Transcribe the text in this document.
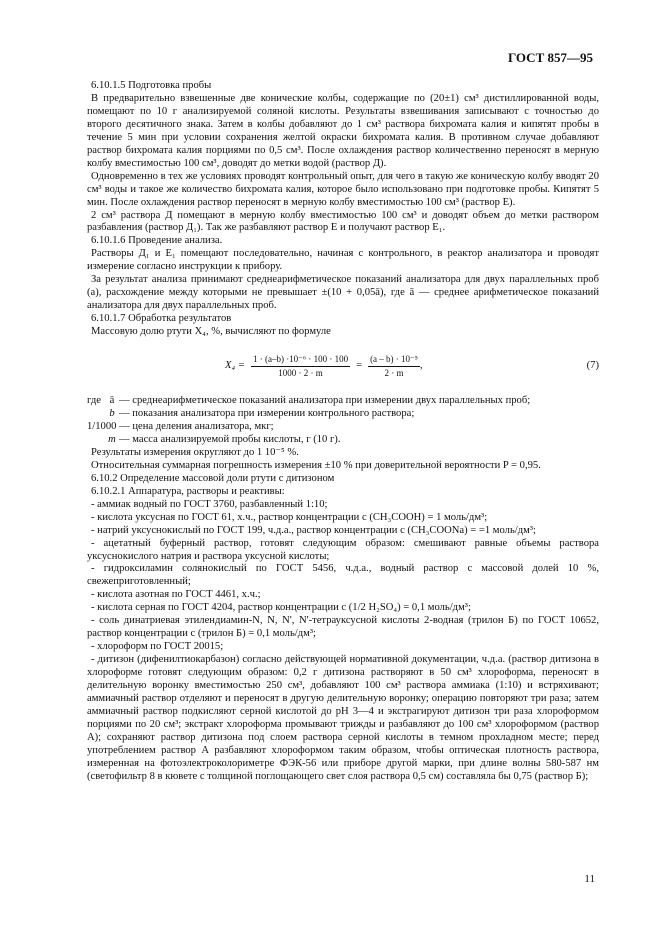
ГОСТ 857—95

6.10.1.5 Подготовка пробы

В предварительно взвешенные две конические колбы, содержащие по (20±1) см³ дистиллированной воды, помещают по 10 г анализируемой соляной кислоты. Результаты взвешивания записывают с точностью до второго десятичного знака. Затем в колбы добавляют до 1 см³ раствора бихромата калия и кипятят пробы в течение 5 мин при условии сохранения желтой окраски бихромата калия. В противном случае добавляют раствор бихромата калия порциями по 0,5 см³. После охлаждения раствор количественно переносят в мерную колбу вместимостью 100 см³, доводят до метки водой (раствор Д).

Одновременно в тех же условиях проводят контрольный опыт, для чего в такую же коническую колбу вводят 20 см³ воды и такое же количество бихромата калия, которое было использовано при подготовке пробы. Кипятят 5 мин. После охлаждения раствор переносят в мерную колбу вместимостью 100 см³ (раствор Е).

2 см³ раствора Д помещают в мерную колбу вместимостью 100 см³ и доводят объем до метки раствором разбавления (раствор Д₁). Так же разбавляют раствор Е и получают раствор Е₁.

6.10.1.6 Проведение анализа.

Растворы Д₁ и Е₁ помещают последовательно, начиная с контрольного, в реактор анализатора и проводят измерение согласно инструкции к прибору.

За результат анализа принимают среднеарифметическое показаний анализатора для двух параллельных проб (a), расхождение между которыми не превышает ±(10 + 0,05ā), где ā — среднее арифметическое показаний анализатора для двух параллельных проб.

6.10.1.7 Обработка результатов

Массовую долю ртути X₄, %, вычисляют по формуле

$X_4 = \frac{\text{1 · (a–b) ·10⁻⁶ · 100 · 100}}{1000 \cdot 2 \cdot m} = \frac{\text{(a – b) · 10⁻⁵}}{2 \cdot m}$ ,	(7)
где ā — среднеарифметическое показаний анализатора при измерении двух параллельных проб;
b — показания анализатора при измерении контрольного раствора;
1/1000 — цена деления анализатора, мкг;
m — масса анализируемой пробы кислоты, г (10 г).

Результаты измерения округляют до 1 10⁻⁵ %.

Относительная суммарная погрешность измерения ±10 % при доверительной вероятности P = 0,95.

6.10.2 Определение массовой доли ртути с дитизоном

6.10.2.1 Аппаратура, растворы и реактивы:

- аммиак водный по ГОСТ 3760, разбавленный 1:10;

- кислота уксусная по ГОСТ 61, х.ч., раствор концентрации c (CH₃COOH) = 1 моль/дм³;

- натрий уксуснокислый по ГОСТ 199, ч.д.а., раствор концентрации c (CH₃COONa) = =1 моль/дм³;

- ацетатный буферный раствор, готовят следующим образом: смешивают равные объемы раствора уксуснокислого натрия и раствора уксусной кислоты;

- гидроксиламин солянокислый по ГОСТ 5456, ч.д.а., водный раствор с массовой долей 10 %, свежеприготовленный;

- кислота азотная по ГОСТ 4461, х.ч.;

- кислота серная по ГОСТ 4204, раствор концентрации c (1/2 H₂SO₄) = 0,1 моль/дм³;

- соль динатриевая этилендиамин-N, N, N', N'-тетрауксусной кислоты 2-водная (трилон Б) по ГОСТ 10652, раствор концентрации c (трилон Б) = 0,1 моль/дм³;

- хлороформ по ГОСТ 20015;

- дитизон (дифенилтиокарбазон) согласно действующей нормативной документации, ч.д.а. (раствор дитизона в хлороформе готовят следующим образом: 0,2 г дитизона растворяют в 50 см³ хлороформа, переносят в делительную воронку вместимостью 250 см³, добавляют 100 см³ раствора аммиака (1:10) и встряхивают; аммиачный раствор отделяют и переносят в другую делительную воронку; операцию повторяют три раза; затем аммиачный раствор подкисляют серной кислотой до pH 3—4 и экстрагируют дитизон три раза хлороформом порциями по 20 см³; экстракт хлороформа промывают трижды и разбавляют до 100 см³ хлороформом (раствор А); сохраняют раствор дитизона под слоем раствора серной кислоты в темном прохладном месте; перед употреблением раствор А разбавляют хлороформом таким образом, чтобы оптическая плотность раствора, измеренная на фотоэлектроколориметре ФЭК-56 или приборе другой марки, при длине волны 580-587 нм (светофильтр 8 в кювете с толщиной поглощающего свет слоя раствора 0,5 см) составляла бы 0,75 (раствор Б);

11
